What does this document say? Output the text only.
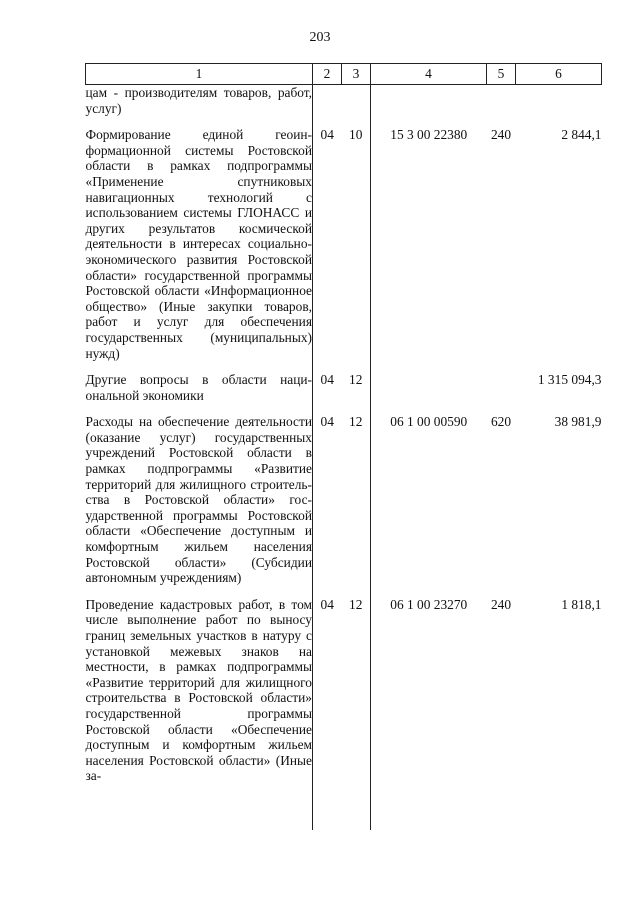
203
1	2	3	4	5	6
цам - производителям товаров, работ, услуг)					

Формирование единой геоинформационной системы Ростовской области в рамках подпрограммы «Применение спутниковых навигационных технологий с использованием системы ГЛОНАСС и других результатов космической деятельности в интересах социально-экономического развития Ростовской области» государственной программы Ростовской области «Информационное общество» (Иные закупки товаров, работ и услуг для обеспечения государственных (муниципальных) нужд)	04	10	15 3 00 22380	240	2 844,1

Другие вопросы в области национальной экономики	04	12			1 315 094,3

Расходы на обеспечение деятельности (оказание услуг) государственных учреждений Ростовской области в рамках подпрограммы «Развитие территорий для жилищного строительства в Ростовской области» государственной программы Ростовской области «Обеспечение доступным и комфортным жильем населения Ростовской области» (Субсидии автономным учреждениям)	04	12	06 1 00 00590	620	38 981,9

Проведение кадастровых работ, в том числе выполнение работ по выносу границ земельных участков в натуру с установкой межевых знаков на местности, в рамках подпрограммы «Развитие территорий для жилищного строительства в Ростовской области» государственной программы Ростовской области «Обеспечение доступным и комфортным жильем населения Ростовской области» (Иные за-	04	12	06 1 00 23270	240	1 818,1
